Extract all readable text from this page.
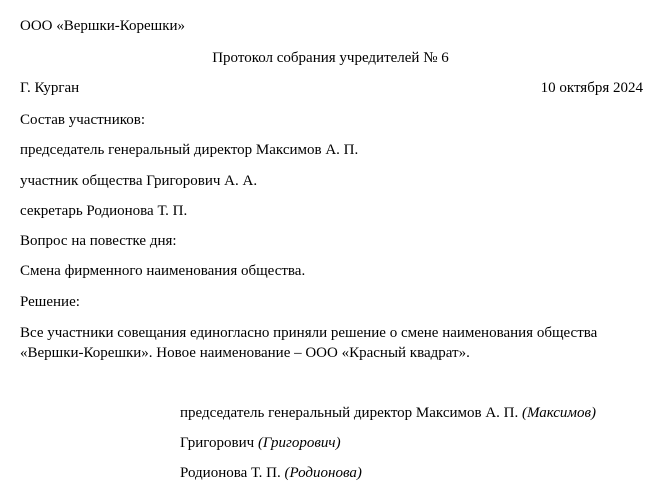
ООО «Вершки-Корешки»
Протокол собрания учредителей № 6
Г. Курган	10 октября 2024
Состав участников:
председатель генеральный директор Максимов А. П.
участник общества Григорович А. А.
секретарь Родионова Т. П.
Вопрос на повестке дня:
Смена фирменного наименования общества.
Решение:
Все участники совещания единогласно приняли решение о смене наименования общества
«Вершки-Корешки». Новое наименование – ООО «Красный квадрат».
председатель генеральный директор Максимов А. П. (Максимов)
Григорович (Григорович)
Родионова Т. П. (Родионова)
